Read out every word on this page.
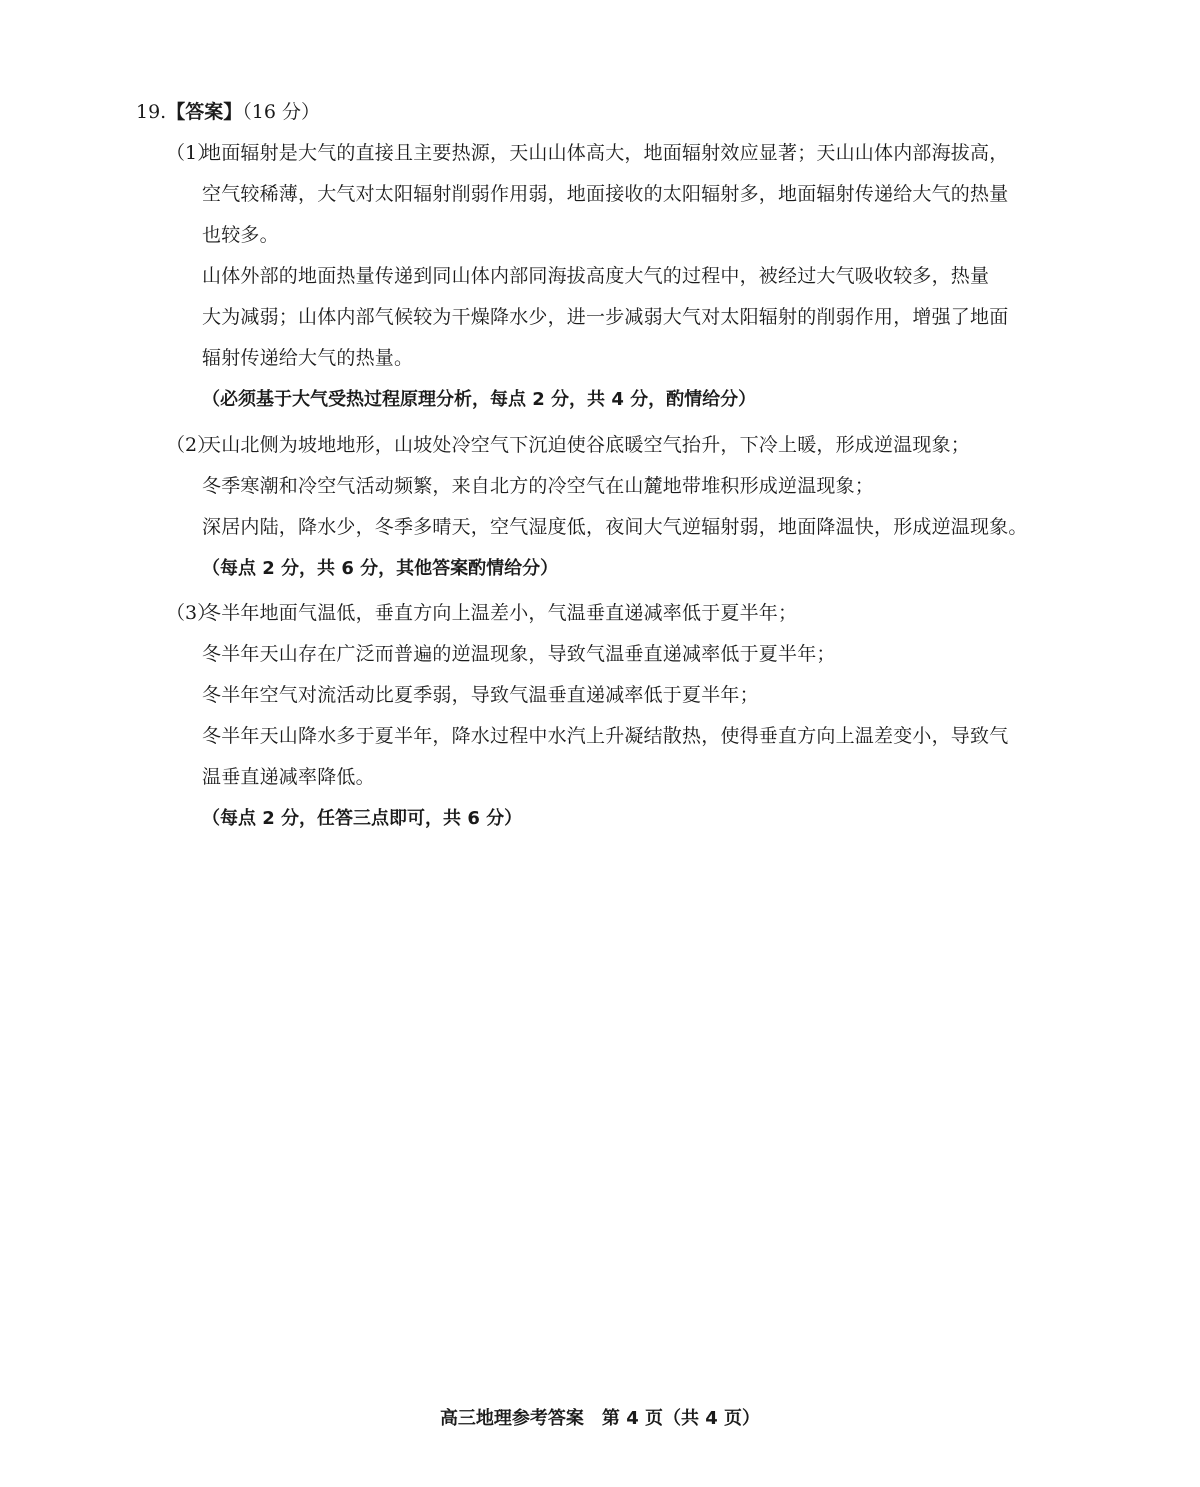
19.【答案】（16 分）
（1）
地面辐射是大气的直接且主要热源，天山山体高大，地面辐射效应显著；天山山体内部海拔高，
空气较稀薄，大气对太阳辐射削弱作用弱，地面接收的太阳辐射多，地面辐射传递给大气的热量
也较多。
山体外部的地面热量传递到同山体内部同海拔高度大气的过程中，被经过大气吸收较多，热量
大为减弱；山体内部气候较为干燥降水少，进一步减弱大气对太阳辐射的削弱作用，增强了地面
辐射传递给大气的热量。
（必须基于大气受热过程原理分析，每点 2 分，共 4 分，酌情给分）
（2）
天山北侧为坡地地形，山坡处冷空气下沉迫使谷底暖空气抬升，下冷上暖，形成逆温现象；
冬季寒潮和冷空气活动频繁，来自北方的冷空气在山麓地带堆积形成逆温现象；
深居内陆，降水少，冬季多晴天，空气湿度低，夜间大气逆辐射弱，地面降温快，形成逆温现象。
（每点 2 分，共 6 分，其他答案酌情给分）
（3）
冬半年地面气温低，垂直方向上温差小，气温垂直递减率低于夏半年；
冬半年天山存在广泛而普遍的逆温现象，导致气温垂直递减率低于夏半年；
冬半年空气对流活动比夏季弱，导致气温垂直递减率低于夏半年；
冬半年天山降水多于夏半年，降水过程中水汽上升凝结散热，使得垂直方向上温差变小，导致气
温垂直递减率降低。
（每点 2 分，任答三点即可，共 6 分）
高三地理参考答案　第 4 页（共 4 页）
